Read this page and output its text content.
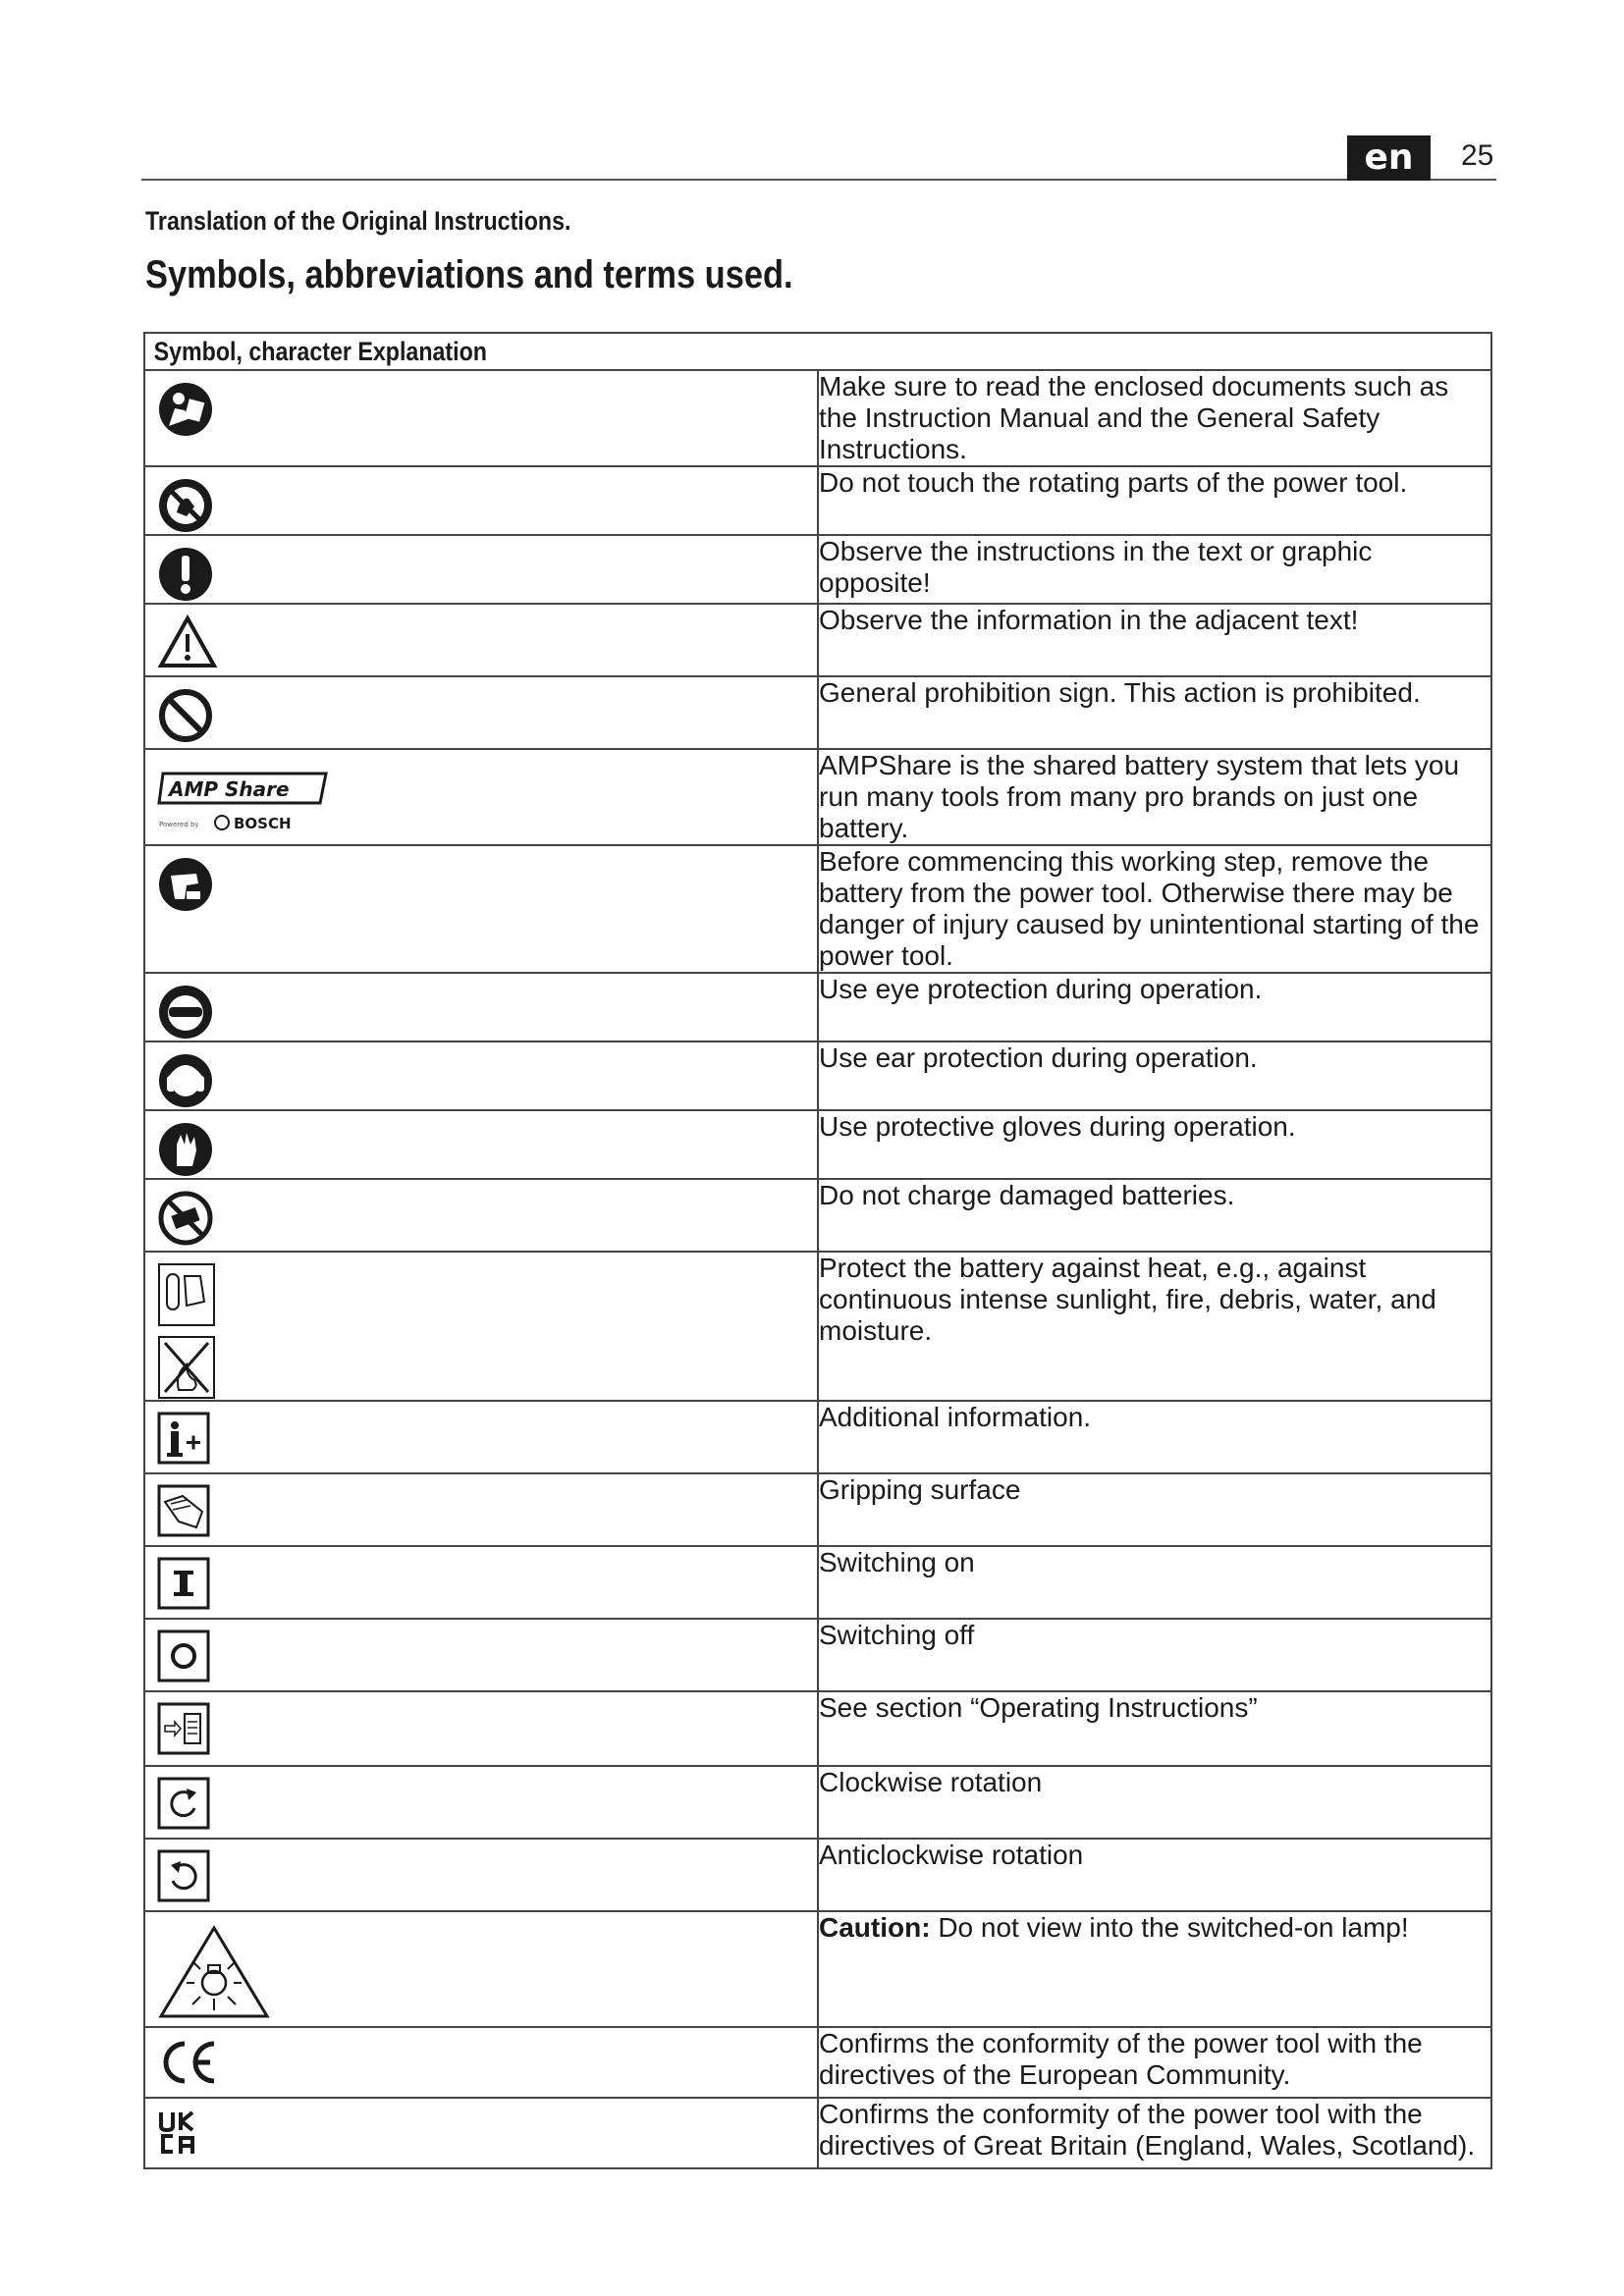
en	25
Translation of the Original Instructions.
Symbols, abbreviations and terms used.
Symbol, character Explanation	

	Make sure to read the enclosed documents such as the Instruction Manual and the General Safety Instructions.

	Do not touch the rotating parts of the power tool.

	Observe the instructions in the text or graphic opposite!

	Observe the information in the adjacent text!

	General prohibition sign. This action is prohibited.

AMP Share
Powered by BOSCH	AMPShare is the shared battery system that lets you run many tools from many pro brands on just one battery.

	Before commencing this working step, remove the battery from the power tool. Otherwise there may be danger of injury caused by unintentional starting of the power tool.

	Use eye protection during operation.

	Use ear protection during operation.

	Use protective gloves during operation.

	Do not charge damaged batteries.

	Protect the battery against heat, e.g., against continuous intense sunlight, fire, debris, water, and moisture.

	Additional information.

	Gripping surface

	Switching on

	Switching off

	See section “Operating Instructions”

	Clockwise rotation

	Anticlockwise rotation

	Caution: Do not view into the switched-on lamp!

	Confirms the conformity of the power tool with the directives of the European Community.

	Confirms the conformity of the power tool with the directives of Great Britain (England, Wales, Scotland).
